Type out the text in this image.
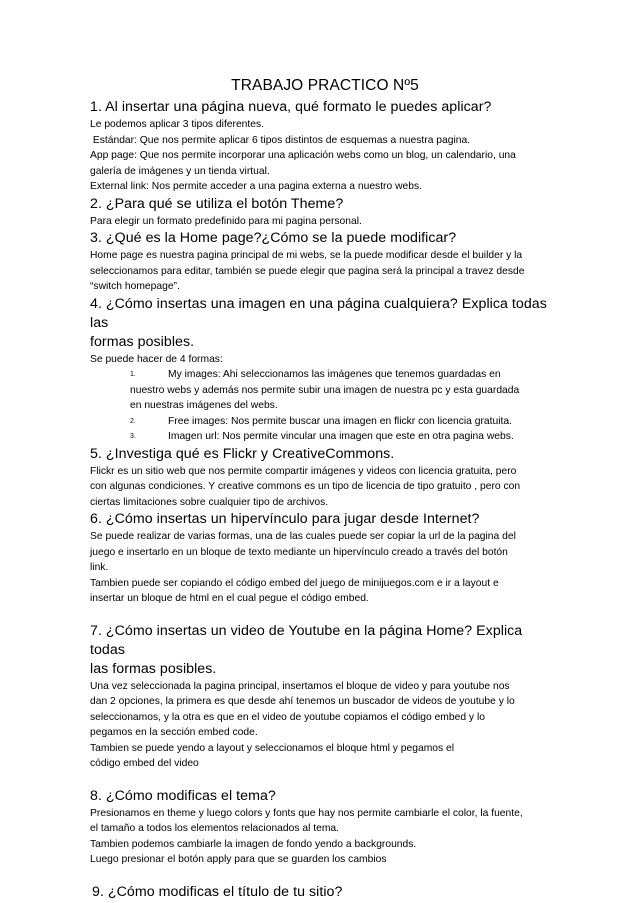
TRABAJO PRACTICO Nº5
1. Al insertar una página nueva, qué formato le puedes aplicar?
Le podemos aplicar 3 tipos diferentes.
Estándar: Que nos permite aplicar 6 tipos distintos de esquemas a nuestra pagina.
App page: Que nos permite incorporar una aplicación webs como un blog, un calendario, una
galería de imágenes y un tienda virtual.
External link: Nos permite acceder a una pagina externa a nuestro webs.
2. ¿Para qué se utiliza el botón Theme?
Para elegir un formato predefinido para mi pagina personal.
3. ¿Qué es la Home page?¿Cómo se la puede modificar?
Home page es nuestra pagina principal de mi webs, se la puede modificar desde el builder y la
seleccionamos para editar, también se puede elegir que pagina será la principal a travez desde
“switch homepage”.
4. ¿Cómo insertas una imagen en una página cualquiera? Explica todas las
formas posibles.
Se puede hacer de 4 formas:
1.	My images: Ahi seleccionamos las imágenes que tenemos guardadas en
nuestro webs y además nos permite subir una imagen de nuestra pc y esta guardada
en nuestras imágenes del webs.
2.	Free images: Nos permite buscar una imagen en flickr con licencia gratuita.
3.	Imagen url: Nos permite vincular una imagen que este en otra pagina webs.
5. ¿Investiga qué es Flickr y CreativeCommons.
Flickr es un sitio web que nos permite compartir imágenes y videos con licencia gratuita, pero
con algunas condiciones. Y creative commons es un tipo de licencia de tipo gratuito , pero con
ciertas limitaciones sobre cualquier tipo de archivos.
6. ¿Cómo insertas un hipervínculo para jugar desde Internet?
Se puede realizar de varias formas, una de las cuales puede ser copiar la url de la pagina del
juego e insertarlo en un bloque de texto mediante un hipervínculo creado a través del botón
link.
Tambien puede ser copiando el código embed del juego de minijuegos.com e ir a layout e
insertar un bloque de html en el cual pegue el código embed.
7. ¿Cómo insertas un video de Youtube en la página Home? Explica todas
las formas posibles.
Una vez seleccionada la pagina principal, insertamos el bloque de video y para youtube nos
dan 2 opciones, la primera es que desde ahí tenemos un buscador de videos de youtube y lo
seleccionamos, y la otra es que en el video de youtube copiamos el código embed y lo
pegamos en la sección embed code.
Tambien se puede yendo a layout y seleccionamos el bloque html y pegamos el
código embed del video
8. ¿Cómo modificas el tema?
Presionamos en theme y luego colors y fonts que hay nos permite cambiarle el color, la fuente,
el tamaño a todos los elementos relacionados al tema.
Tambien podemos cambiarle la imagen de fondo yendo a backgrounds.
Luego presionar el botón apply para que se guarden los cambios
9. ¿Cómo modificas el título de tu sitio?
